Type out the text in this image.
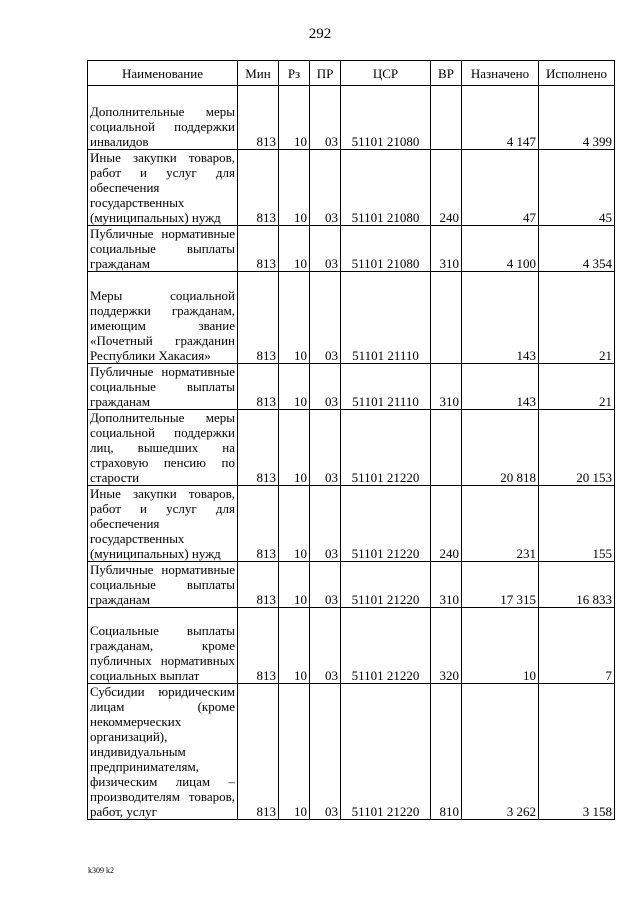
292
Наименование	Мин	Рз	ПР	ЦСР	ВР	Назначено	Исполнено
Дополнительные меры социальной поддержки инвалидов	813	10	03	51101 21080		4 147	4 399
Иные закупки товаров, работ и услуг для обеспечения государственных (муниципальных) нужд	813	10	03	51101 21080	240	47	45
Публичные нормативные социальные выплаты гражданам	813	10	03	51101 21080	310	4 100	4 354
Меры социальной поддержки гражданам, имеющим звание «Почетный гражданин Республики Хакасия»	813	10	03	51101 21110		143	21
Публичные нормативные социальные выплаты гражданам	813	10	03	51101 21110	310	143	21
Дополнительные меры социальной поддержки лиц, вышедших на страховую пенсию по старости	813	10	03	51101 21220		20 818	20 153
Иные закупки товаров, работ и услуг для обеспечения государственных (муниципальных) нужд	813	10	03	51101 21220	240	231	155
Публичные нормативные социальные выплаты гражданам	813	10	03	51101 21220	310	17 315	16 833
Социальные выплаты гражданам, кроме публичных нормативных социальных выплат	813	10	03	51101 21220	320	10	7
Субсидии юридическим лицам (кроме некоммерческих организаций), индивидуальным предпринимателям, физическим лицам – производителям товаров, работ, услуг	813	10	03	51101 21220	810	3 262	3 158
k309 k2
